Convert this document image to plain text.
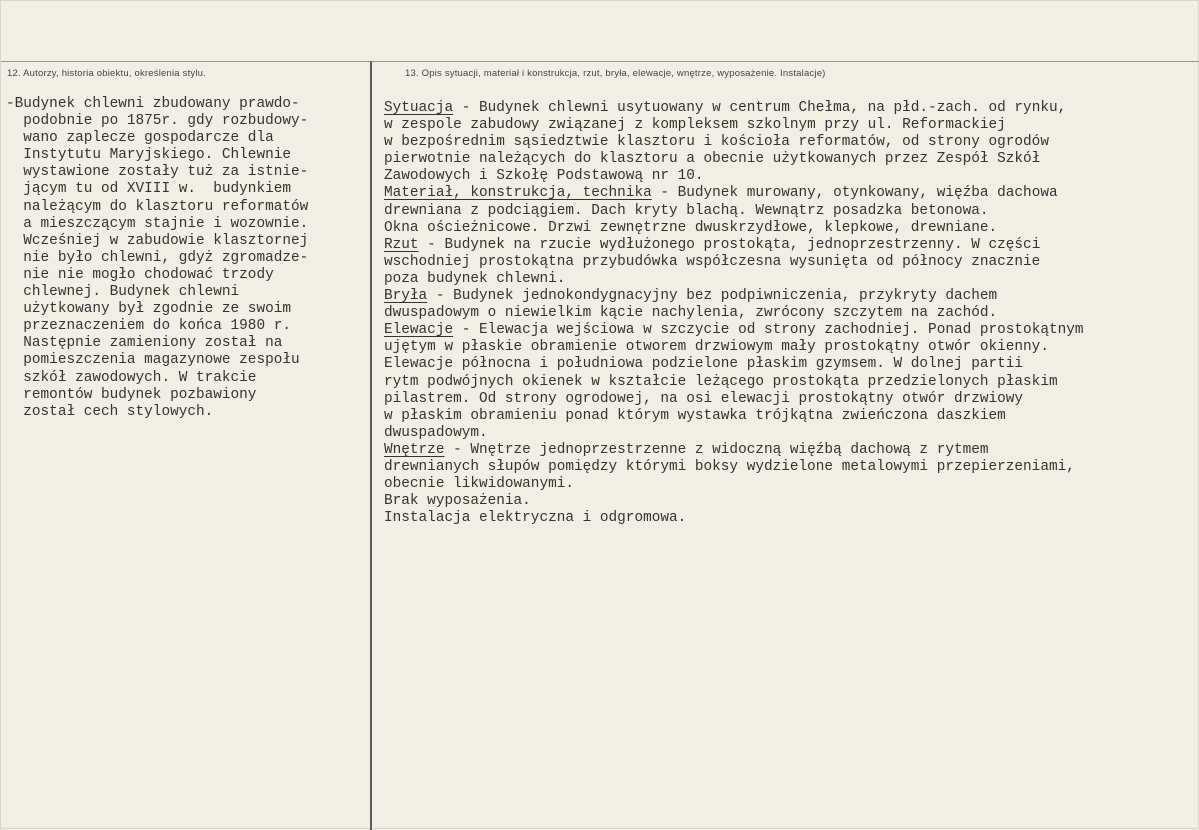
12. Autorzy, historia obiektu, określenia stylu.	13. Opis sytuacji, materiał i konstrukcja, rzut, bryła, elewacje, wnętrze, wyposażenie. Instalacje)
-Budynek chlewni zbudowany prawdo-
podobnie po 1875r. gdy rozbudowy-
wano zaplecze gospodarcze dla
Instytutu Maryjskiego. Chlewnie
wystawione zostały tuż za istnie-
jącym tu od XVIII w.  budynkiem
należącym do klasztoru reformatów
a mieszczącym stajnie i wozownie.
Wcześniej w zabudowie klasztornej
nie było chlewni, gdyż zgromadze-
nie nie mogło chodować trzody
chlewnej. Budynek chlewni
użytkowany był zgodnie ze swoim
przeznaczeniem do końca 1980 r.
Następnie zamieniony został na
pomieszczenia magazynowe zespołu
szkół zawodowych. W trakcie
remontów budynek pozbawiony
został cech stylowych.
Sytuacja - Budynek chlewni usytuowany w centrum Chełma, na płd.-zach. od rynku,
w zespole zabudowy związanej z kompleksem szkolnym przy ul. Reformackiej
w bezpośrednim sąsiedztwie klasztoru i kościoła reformatów, od strony ogrodów
pierwotnie należących do klasztoru a obecnie użytkowanych przez Zespół Szkół
Zawodowych i Szkołę Podstawową nr 10.
Materiał, konstrukcja, technika - Budynek murowany, otynkowany, więźba dachowa
drewniana z podciągiem. Dach kryty blachą. Wewnątrz posadzka betonowa.
Okna ościeżnicowe. Drzwi zewnętrzne dwuskrzydłowe, klepkowe, drewniane.
Rzut - Budynek na rzucie wydłużonego prostokąta, jednoprzestrzenny. W części
wschodniej prostokątna przybudówka współczesna wysunięta od północy znacznie
poza budynek chlewni.
Bryła - Budynek jednokondygnacyjny bez podpiwniczenia, przykryty dachem
dwuspadowym o niewielkim kącie nachylenia, zwrócony szczytem na zachód.
Elewacje - Elewacja wejściowa w szczycie od strony zachodniej. Ponad prostokątnym
ujętym w płaskie obramienie otworem drzwiowym mały prostokątny otwór okienny.
Elewacje północna i południowa podzielone płaskim gzymsem. W dolnej partii
rytm podwójnych okienek w kształcie leżącego prostokąta przedzielonych płaskim
pilastrem. Od strony ogrodowej, na osi elewacji prostokątny otwór drzwiowy
w płaskim obramieniu ponad którym wystawka trójkątna zwieńczona daszkiem
dwuspadowym.
Wnętrze - Wnętrze jednoprzestrzenne z widoczną więźbą dachową z rytmem
drewnianych słupów pomiędzy którymi boksy wydzielone metalowymi przepierzeniami,
obecnie likwidowanymi.
Brak wyposażenia.
Instalacja elektryczna i odgromowa.
